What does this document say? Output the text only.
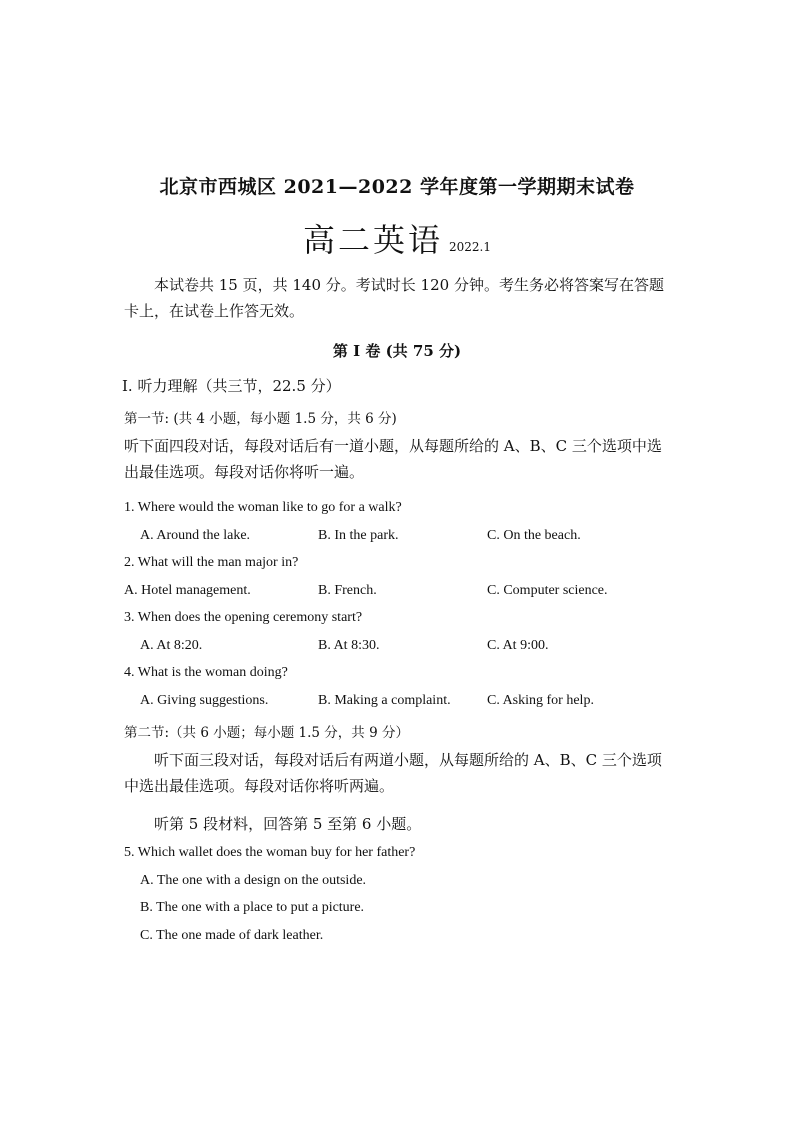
北京市西城区 2021—2022 学年度第一学期期末试卷
高二英语 2022.1
本试卷共 15 页，共 140 分。考试时长 120 分钟。考生务必将答案写在答题卡上，在试卷上作答无效。
第 I 卷 (共 75 分)
I. 听力理解（共三节，22.5 分）
第一节: (共 4 小题，每小题 1.5 分，共 6 分)
听下面四段对话，每段对话后有一道小题，从每题所给的 A、B、C 三个选项中选出最佳选项。每段对话你将听一遍。
1. Where would the woman like to go for a walk?
A. Around the lake.	B. In the park.	C. On the beach.
2. What will the man major in?
A. Hotel management.	B. French.	C. Computer science.
3. When does the opening ceremony start?
A. At 8:20.	B. At 8:30.	C. At 9:00.
4. What is the woman doing?
A. Giving suggestions.	B. Making a complaint.	C. Asking for help.
第二节:（共 6 小题；每小题 1.5 分，共 9 分）
听下面三段对话，每段对话后有两道小题，从每题所给的 A、B、C 三个选项中选出最佳选项。每段对话你将听两遍。
听第 5 段材料，回答第 5 至第 6 小题。
5. Which wallet does the woman buy for her father?
A. The one with a design on the outside.
B. The one with a place to put a picture.
C. The one made of dark leather.
